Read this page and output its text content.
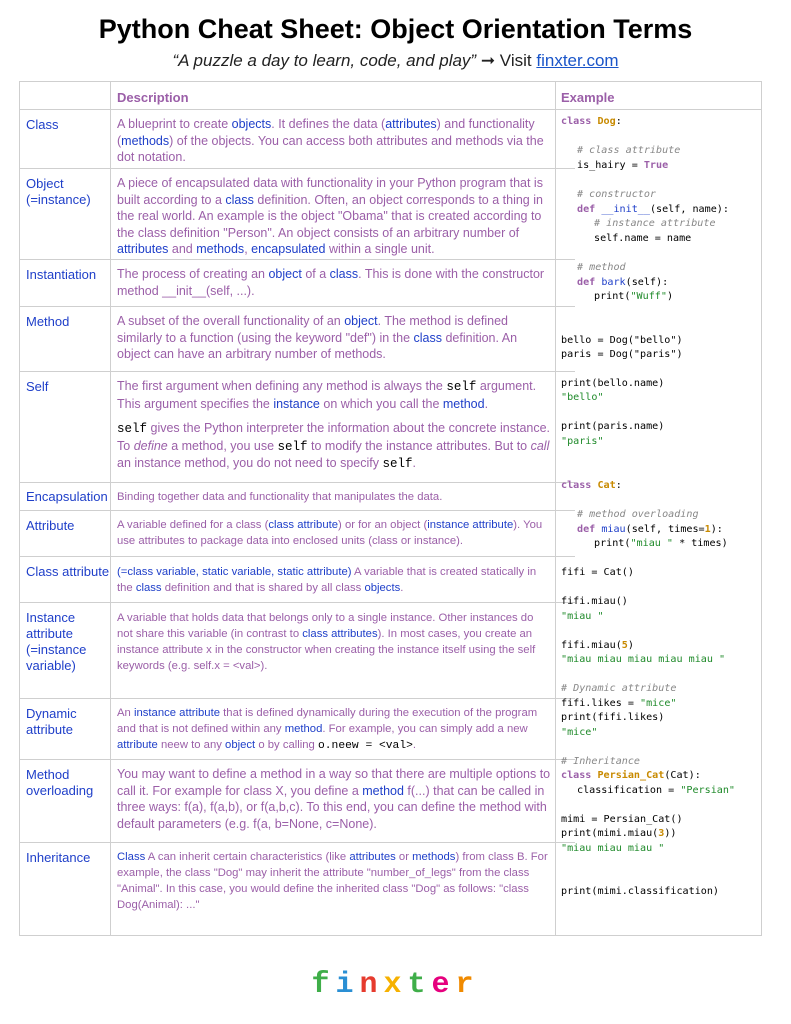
Python Cheat Sheet: Object Orientation Terms
“A puzzle a day to learn, code, and play” ➞ Visit finxter.com
Description	Example
Class
Object (=instance)
Instantiation
Method
Self
Encapsulation
Attribute
Class attribute
Instance attribute (=instance variable)
Dynamic attribute
Method overloading
Inheritance
A blueprint to create objects. It defines the data (attributes) and functionality (methods) of the objects. You can access both attributes and methods via the dot notation.
A piece of encapsulated data with functionality in your Python program that is built according to a class definition. Often, an object corresponds to a thing in the real world. An example is the object "Obama" that is created according to the class definition "Person". An object consists of an arbitrary number of attributes and methods, encapsulated within a single unit.
The process of creating an object of a class. This is done with the constructor method __init__(self, ...).
A subset of the overall functionality of an object. The method is defined similarly to a function (using the keyword "def") in the class definition. An object can have an arbitrary number of methods.

The first argument when defining any method is always the self argument. This argument specifies the instance on which you call the method.

self gives the Python interpreter the information about the concrete instance. To define a method, you use self to modify the instance attributes. But to call an instance method, you do not need to specify self.

Binding together data and functionality that manipulates the data.
A variable defined for a class (class attribute) or for an object (instance attribute). You use attributes to package data into enclosed units (class or instance).
(=class variable, static variable, static attribute) A variable that is created statically in the class definition and that is shared by all class objects.
A variable that holds data that belongs only to a single instance. Other instances do not share this variable (in contrast to class attributes). In most cases, you create an instance attribute x in the constructor when creating the instance itself using the self keywords (e.g. self.x = <val>).
An instance attribute that is defined dynamically during the execution of the program and that is not defined within any method. For example, you can simply add a new attribute neew to any object o by calling o.neew = <val>.
You may want to define a method in a way so that there are multiple options to call it. For example for class X, you define a method f(...) that can be called in three ways: f(a), f(a,b), or f(a,b,c). To this end, you can define the method with default parameters (e.g. f(a, b=None, c=None).
Class A can inherit certain characteristics (like attributes or methods) from class B. For example, the class "Dog" may inherit the attribute "number_of_legs" from the class "Animal". In this case, you would define the inherited class "Dog" as follows: "class Dog(Animal): ..."
class Dog:
# class attribute
is_hairy = True
# constructor
def __init__(self, name):
# instance attribute
self.name = name
# method
def bark(self):
print("Wuff")
bello = Dog("bello")
paris = Dog("paris")
print(bello.name)
"bello"
print(paris.name)
"paris"
class Cat:
# method overloading
def miau(self, times=1):
print("miau " * times)
fifi = Cat()
fifi.miau()
"miau "
fifi.miau(5)
"miau miau miau miau miau "
# Dynamic attribute
fifi.likes = "mice"
print(fifi.likes)
"mice"
# Inheritance
class Persian_Cat(Cat):
classification = "Persian"
mimi = Persian_Cat()
print(mimi.miau(3))
"miau miau miau "
print(mimi.classification)
finxter
